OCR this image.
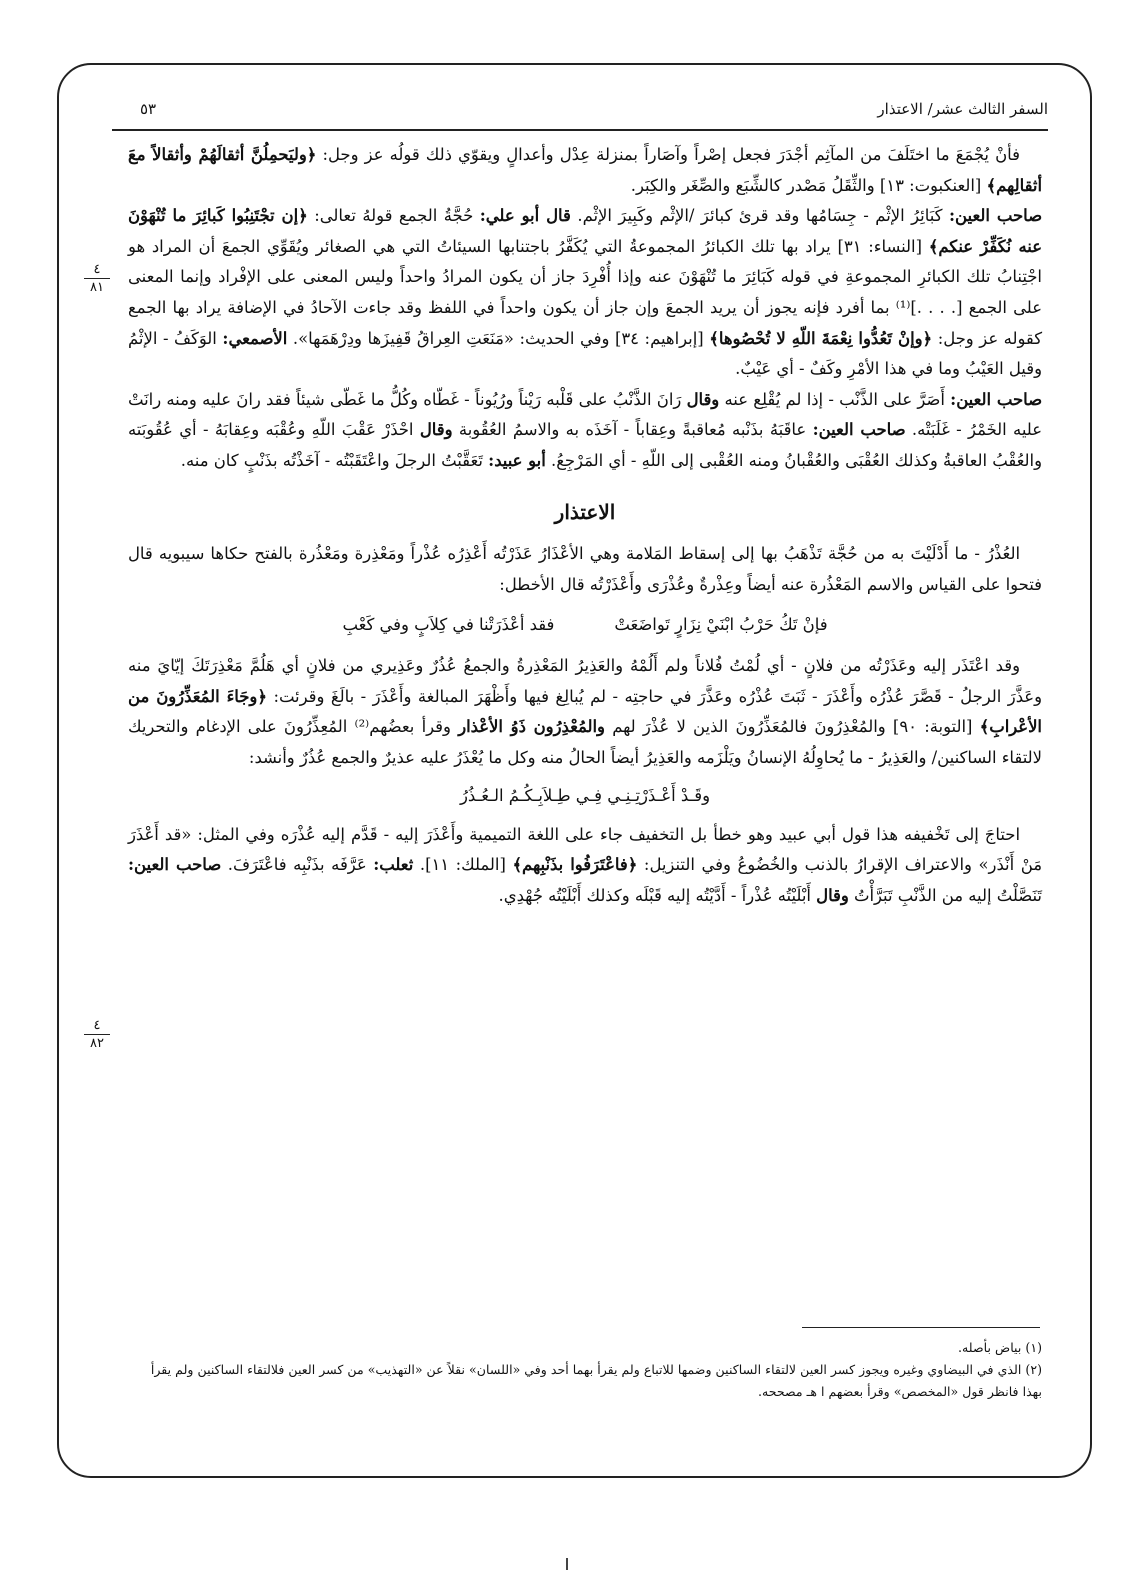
السفر الثالث عشر/ الاعتذار
٥٣
٤
٨١
٤
٨٢

فأنْ يُجْمَعَ ما اختَلَفَ من المآثِم أجْدَرَ فجعل إصْراً وآصَاراً بمنزلة عِدْل وأعدالٍ ويقوّي ذلك قولُه عز وجل: ﴿وليَحمِلُنَّ أثقالَهُمْ وأثقالاً معَ أثقالِهم﴾ [العنكبوت: ١٣] والثِّقَلُ مَصْدر كالشِّبَع والصِّغَر والكِبَر.

صاحب العين: كَبَائِرُ الإثْم - جِسَامُها وقد قرئ كبائرَ /الإثْم وكَبِيرَ الإثْم. قال أبو علي: حُجَّةُ الجمع قولهُ تعالى: ﴿إن تجْتَنِبُوا كَبائِرَ ما تُنْهَوْنَ عنه نُكَفِّرْ عنكم﴾ [النساء: ٣١] يراد بها تلك الكبائرُ المجموعةُ التي يُكَفَّرُ باجتنابها السيئاتُ التي هي الصغائر ويُقَوِّي الجمعَ أن المراد هو اجْتِنابُ تلك الكبائرِ المجموعةِ في قوله كَبَائِرَ ما تُنْهَوْنَ عنه وإذا أُفْرِدَ جاز أن يكون المرادُ واحداً وليس المعنى على الإفْراد وإنما المعنى على الجمع [. . . .]⁽¹⁾ بما أفرد فإنه يجوز أن يريد الجمعَ وإن جاز أن يكون واحداً في اللفظ وقد جاءت الآحادُ في الإضافة يراد بها الجمع كقوله عز وجل: ﴿وإنْ تَعُدُّوا نِعْمَةَ اللّهِ لا تُحْصُوها﴾ [إبراهيم: ٣٤] وفي الحديث: «مَنَعَتِ العِراقُ قَفِيزَها ودِرْهَمَها». الأصمعي: الوَكَفُ - الإثْمُ وقيل العَيْبُ وما في هذا الأمْرِ وكَفٌ - أي عَيْبٌ.

صاحب العين: أَصَرَّ على الذَّنْب - إذا لم يُقْلِع عنه وقال رَانَ الذَّنْبُ على قَلْبه رَيْناً ورُيُوناً - غَطّاه وكُلُّ ما غَطّى شيئاً فقد رانَ عليه ومنه رانَتْ عليه الخَمْرُ - غَلَبَتْه. صاحب العين: عاقَبَهُ بذَنْبه مُعاقبةً وعِقاباً - آخَذَه به والاسمُ العُقُوبة وقال احْذَرْ عَقْبَ اللّهِ وعُقْبَه وعِقابَهُ - أي عُقُوبَته والعُقْبُ العاقبةُ وكذلك العُقْبَى والعُقْبانُ ومنه العُقْبى إلى اللّهِ - أي المَرْجِعُ. أبو عبيد: تَعَقَّبْتُ الرجلَ واعْتَقَبْتُه - آخَذْتُه بذَنْبٍ كان منه.

الاعتذار

العُذْرُ - ما أَدْلَيْتَ به من حُجَّة تَذْهَبُ بها إلى إسقاط المَلامة وهي الأعْذَارُ عَذَرْتُه أَعْذِرُه عُذْراً ومَعْذِرة ومَعْذُرة بالفتح حكاها سيبويه قال فتحوا على القياس والاسم المَعْذُرة عنه أيضاً وعِذْرةٌ وعُذْرَى وأَعْذَرْتُه قال الأخطل:

فإنْ تَكُ حَرْبُ ابْنَيْ نِزَارٍ تَواضَعَتْ
فقد أعْذَرَتْنا في كِلاَبٍ وفي كَعْبِ

وقد اعْتَذَر إليه وعَذَرْتُه من فلانٍ - أي لُمْتُ فُلاناً ولم أَلُمْهُ والعَذِيرُ المَعْذِرةُ والجمعُ عُذُرٌ وعَذِيري من فلانٍ أي هَلُمَّ مَعْذِرَتَكَ إيّايَ منه وعَذَّرَ الرجلُ - قَصَّرَ عُذْرُه وأَعْذَرَ - ثَبَتَ عُذْرُه وعَذَّرَ في حاجتِه - لم يُبالِغ فيها وأَظْهَرَ المبالغة وأَعْذَرَ - بالَغَ وقرئت: ﴿وجَاءَ المُعَذِّرُونَ من الأعْرابِ﴾ [التوبة: ٩٠] والمُعْذِرُونَ فالمُعَذِّرُونَ الذين لا عُذْرَ لهم والمُعْذِرُون ذَوُ الأعْذار وقرأ بعضُهم⁽²⁾ المُعِذِّرُونَ على الإدغام والتحريك لالتقاء الساكنين/ والعَذِيرُ - ما يُحاوِلُهُ الإنسانُ ويَلْزَمه والعَذِيرُ أيضاً الحالُ منه وكل ما يُعْذَرُ عليه عذيرٌ والجمع عُذُرٌ وأنشد:

وقَـدْ أَعْـذَرْتِـنِـي فِـي طِـلاَبِـكُـمُ الـعُـذُرُ

احتاجَ إلى تَخْفيفه هذا قول أبي عبيد وهو خطأ بل التخفيف جاء على اللغة التميمية وأَعْذَرَ إليه - قَدَّم إليه عُذْرَه وفي المثل: «قد أَعْذَرَ مَنْ أَنْذَر» والاعتراف الإقرارُ بالذنب والخُضُوعُ وفي التنزيل: ﴿فاعْتَرَفُوا بذَنْبِهم﴾ [الملك: ١١]. ثعلب: عَرَّفَه بذَنْبِه فاعْتَرَفَ. صاحب العين: تَنَصَّلْتُ إليه من الذَّنْبِ تَبَرَّأْتُ وقال أَبْلَيْتُه عُذْراً - أَدَّيْتُه إليه قَبْلَه وكذلك أَبْلَيْتُه جُهْدِي.

(١) بياض بأصله.

(٢) الذي في البيضاوي وغيره ويجوز كسر العين لالتقاء الساكنين وضمها للاتباع ولم يقرأ بهما أحد وفي «اللسان» نقلاً عن «التهذيب» من كسر العين فلالتقاء الساكنين ولم يقرأ بهذا فانظر قول «المخصص» وقرأ بعضهم ا هـ مصححه.
